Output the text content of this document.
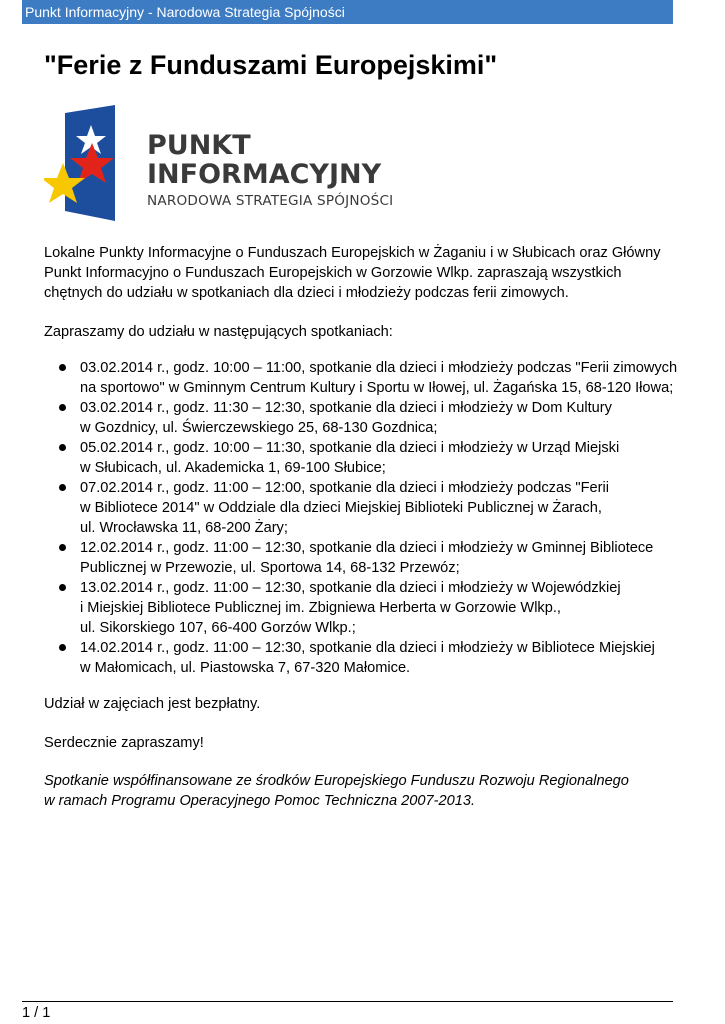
Punkt Informacyjny - Narodowa Strategia Spójności
"Ferie z Funduszami Europejskimi"
PUNKT
INFORMACYJNY
NARODOWA STRATEGIA SPÓJNOŚCI

Lokalne Punkty Informacyjne o Funduszach Europejskich w Żaganiu i w Słubicach oraz Główny
Punkt Informacyjno o Funduszach Europejskich w Gorzowie Wlkp. zapraszają wszystkich
chętnych do udziału w spotkaniach dla dzieci i młodzieży podczas ferii zimowych.

Zapraszamy do udziału w następujących spotkaniach:

03.02.2014 r., godz. 10:00 – 11:00, spotkanie dla dzieci i młodzieży podczas "Ferii zimowych
na sportowo" w Gminnym Centrum Kultury i Sportu w Iłowej, ul. Żagańska 15, 68-120 Iłowa;
03.02.2014 r., godz. 11:30 – 12:30, spotkanie dla dzieci i młodzieży w Dom Kultury
w Gozdnicy, ul. Świerczewskiego 25, 68-130 Gozdnica;
05.02.2014 r., godz. 10:00 – 11:30, spotkanie dla dzieci i młodzieży w Urząd Miejski
w Słubicach, ul. Akademicka 1, 69-100 Słubice;
07.02.2014 r., godz. 11:00 – 12:00, spotkanie dla dzieci i młodzieży podczas "Ferii
w Bibliotece 2014" w Oddziale dla dzieci Miejskiej Biblioteki Publicznej w Żarach,
ul. Wrocławska 11, 68-200 Żary;
12.02.2014 r., godz. 11:00 – 12:30, spotkanie dla dzieci i młodzieży w Gminnej Bibliotece
Publicznej w Przewozie, ul. Sportowa 14, 68-132 Przewóz;
13.02.2014 r., godz. 11:00 – 12:30, spotkanie dla dzieci i młodzieży w Wojewódzkiej
i Miejskiej Bibliotece Publicznej im. Zbigniewa Herberta w Gorzowie Wlkp.,
ul. Sikorskiego 107, 66-400 Gorzów Wlkp.;
14.02.2014 r., godz. 11:00 – 12:30, spotkanie dla dzieci i młodzieży w Bibliotece Miejskiej
w Małomicach, ul. Piastowska 7, 67-320 Małomice.

Udział w zajęciach jest bezpłatny.

Serdecznie zapraszamy!

Spotkanie współfinansowane ze środków Europejskiego Funduszu Rozwoju Regionalnego
w ramach Programu Operacyjnego Pomoc Techniczna 2007-2013.

1 / 1
